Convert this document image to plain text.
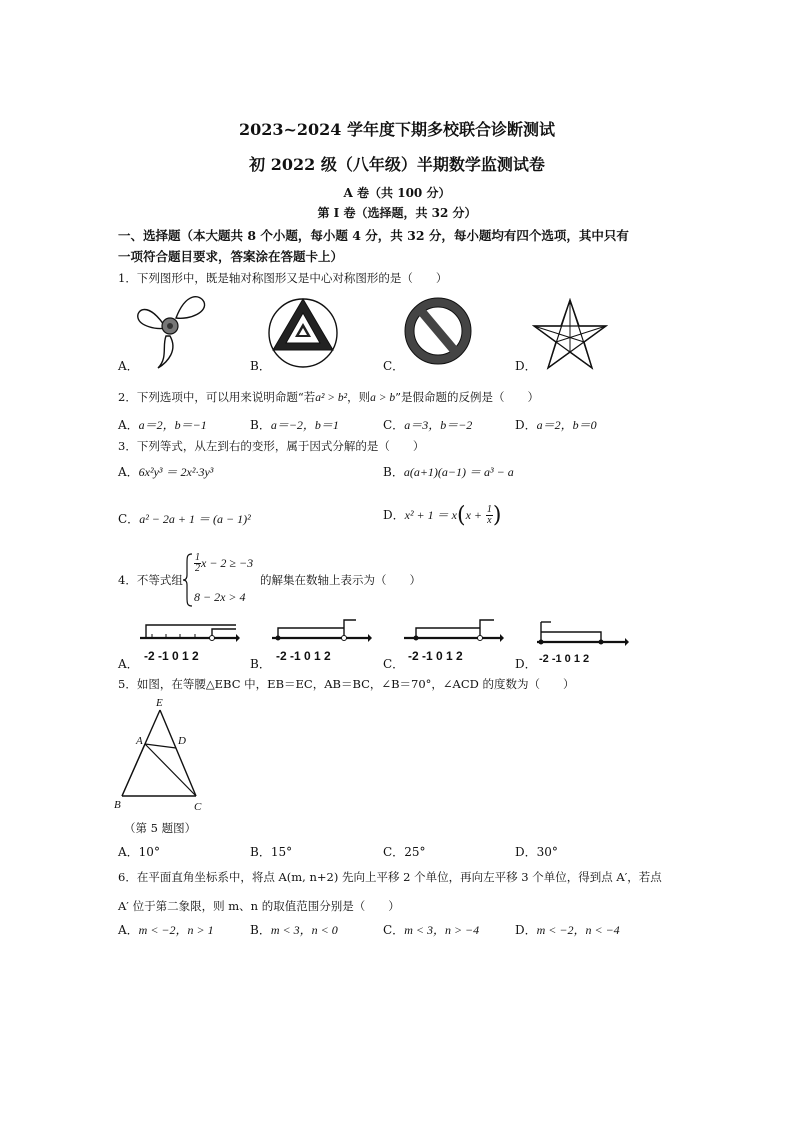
2023~2024 学年度下期多校联合诊断测试
初 2022 级（八年级）半期数学监测试卷
A 卷（共 100 分）
第 I 卷（选择题，共 32 分）
一、选择题（本大题共 8 个小题，每小题 4 分，共 32 分，每小题均有四个选项，其中只有
一项符合题目要求，答案涂在答题卡上）
1．下列图形中，既是轴对称图形又是中心对称图形的是（　　）
A．	B．	C．	D．
2．下列选项中，可以用来说明命题“若a² > b²，则a > b”是假命题的反例是（　　）
A．a＝2，b＝−1	B．a＝−2，b＝1	C．a＝3，b＝−2	D．a＝2，b＝0
3．下列等式，从左到右的变形，属于因式分解的是（　　）
A．6x²y³ ＝ 2x²·3y³	B．a(a+1)(a−1) ＝ a³ − a
C．a² − 2a + 1 ＝ (a − 1)²	D．$x^2 + 1 = x(x + \frac{1}{x}$ )
4．不等式组
$\frac{1}{2}$ x − 2 ≥ −3
8 − 2x > 4
的解集在数轴上表示为（　　）
-2 -1 0 1 2
A．
-2 -1 0 1 2
B．
-2 -1 0 1 2
C．	-2 -1 0 1 2
D．
5．如图，在等腰△EBC 中，EB＝EC，AB＝BC，∠B＝70°，∠ACD 的度数为（　　）
E
A	D
B	C
（第 5 题图）
A．10°	B．15°	C．25°	D．30°
6．在平面直角坐标系中，将点 A(m, n+2) 先向上平移 2 个单位，再向左平移 3 个单位，得到点 A′，若点
A′ 位于第二象限，则 m、n 的取值范围分别是（　　）
A．m < −2，n > 1	B．m < 3，n < 0	C．m < 3，n > −4	D．m < −2，n < −4
